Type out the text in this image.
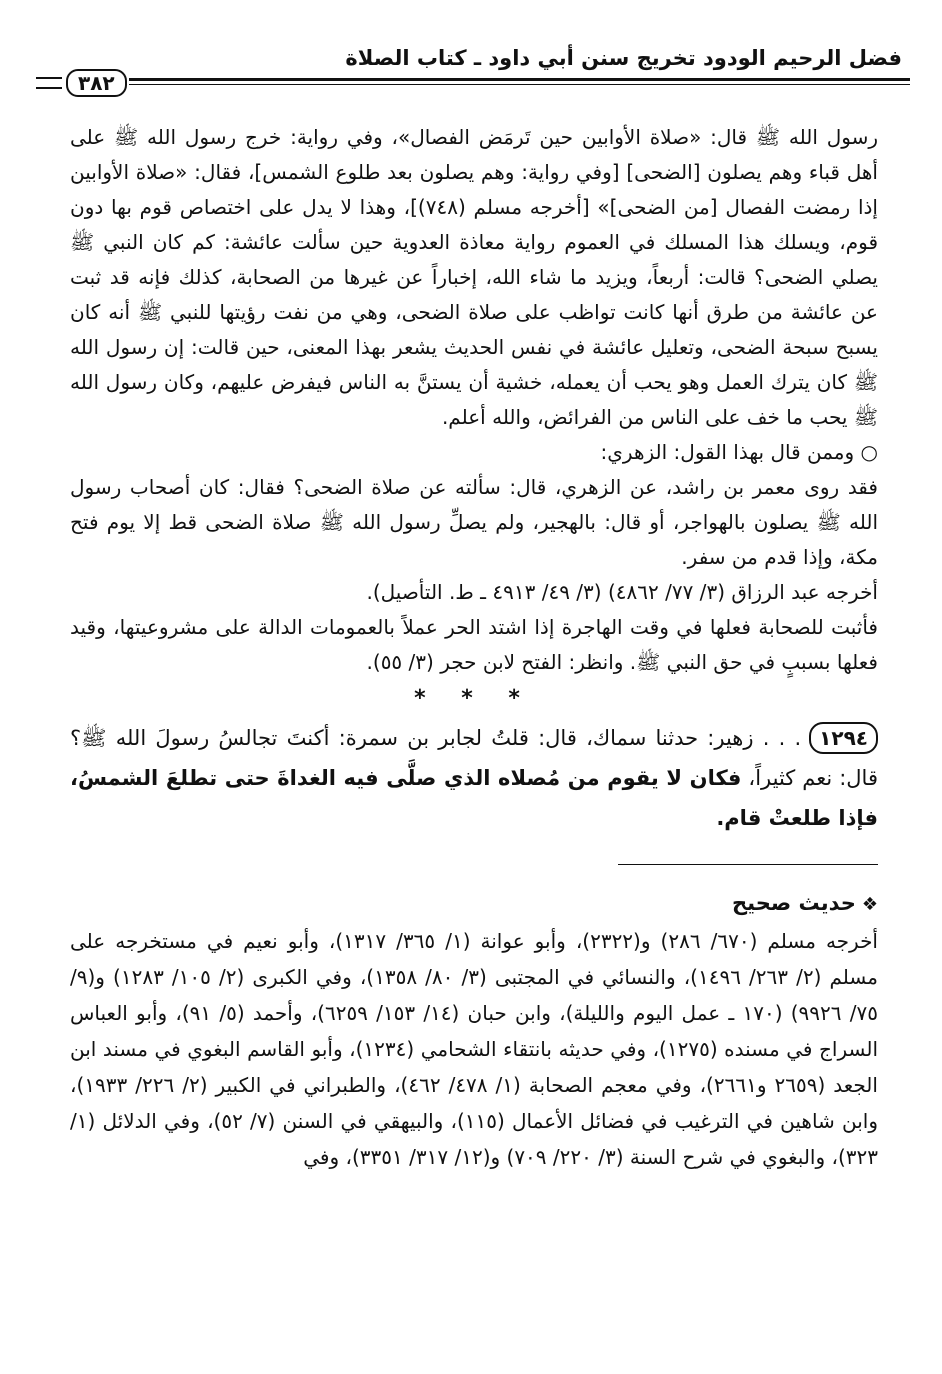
فضل الرحيم الودود تخريج سنن أبي داود ـ كتاب الصلاة
٣٨٢

رسول الله ﷺ قال: «صلاة الأوابين حين تَرمَض الفصال»، وفي رواية: خرج رسول الله ﷺ على أهل قباء وهم يصلون [الضحى] [وفي رواية: وهم يصلون بعد طلوع الشمس]، فقال: «صلاة الأوابين إذا رمضت الفصال [من الضحى]» [أخرجه مسلم (٧٤٨)]، وهذا لا يدل على اختصاص قوم بها دون قوم، ويسلك هذا المسلك في العموم رواية معاذة العدوية حين سألت عائشة: كم كان النبي ﷺ يصلي الضحى؟ قالت: أربعاً، ويزيد ما شاء الله، إخباراً عن غيرها من الصحابة، كذلك فإنه قد ثبت عن عائشة من طرق أنها كانت تواظب على صلاة الضحى، وهي من نفت رؤيتها للنبي ﷺ أنه كان يسبح سبحة الضحى، وتعليل عائشة في نفس الحديث يشعر بهذا المعنى، حين قالت: إن رسول الله ﷺ كان يترك العمل وهو يحب أن يعمله، خشية أن يستنَّ به الناس فيفرض عليهم، وكان رسول الله ﷺ يحب ما خف على الناس من الفرائض، والله أعلم.

○ وممن قال بهذا القول: الزهري:

فقد روى معمر بن راشد، عن الزهري، قال: سألته عن صلاة الضحى؟ فقال: كان أصحاب رسول الله ﷺ يصلون بالهواجر، أو قال: بالهجير، ولم يصلِّ رسول الله ﷺ صلاة الضحى قط إلا يوم فتح مكة، وإذا قدم من سفر.

أخرجه عبد الرزاق (٣/ ٧٧/ ٤٨٦٢) (٣/ ٤٩/ ٤٩١٣ ـ ط. التأصيل).

فأثبت للصحابة فعلها في وقت الهاجرة إذا اشتد الحر عملاً بالعمومات الدالة على مشروعيتها، وقيد فعلها بسببٍ في حق النبي ﷺ. وانظر: الفتح لابن حجر (٣/ ٥٥).

* * *

١٢٩٤. . . زهير: حدثنا سماك، قال: قلتُ لجابر بن سمرة: أكنتَ تجالسُ رسولَ الله ﷺ؟ قال: نعم كثيراً، فكان لا يقوم من مُصلاه الذي صلَّى فيه الغداةَ حتى تطلعَ الشمسُ، فإذا طلعتْ قام.

❖حديث صحيح

أخرجه مسلم (٦٧٠/ ٢٨٦) و(٢٣٢٢)، وأبو عوانة (١/ ٣٦٥/ ١٣١٧)، وأبو نعيم في مستخرجه على مسلم (٢/ ٢٦٣/ ١٤٩٦)، والنسائي في المجتبى (٣/ ٨٠/ ١٣٥٨)، وفي الكبرى (٢/ ١٠٥/ ١٢٨٣) و(٩/ ٧٥/ ٩٩٢٦) (١٧٠ ـ عمل اليوم والليلة)، وابن حبان (١٤/ ١٥٣/ ٦٢٥٩)، وأحمد (٥/ ٩١)، وأبو العباس السراج في مسنده (١٢٧٥)، وفي حديثه بانتقاء الشحامي (١٢٣٤)، وأبو القاسم البغوي في مسند ابن الجعد (٢٦٥٩ و٢٦٦١)، وفي معجم الصحابة (١/ ٤٧٨/ ٤٦٢)، والطبراني في الكبير (٢/ ٢٢٦/ ١٩٣٣)، وابن شاهين في الترغيب في فضائل الأعمال (١١٥)، والبيهقي في السنن (٧/ ٥٢)، وفي الدلائل (١/ ٣٢٣)، والبغوي في شرح السنة (٣/ ٢٢٠/ ٧٠٩) و(١٢/ ٣١٧/ ٣٣٥١)، وفي
